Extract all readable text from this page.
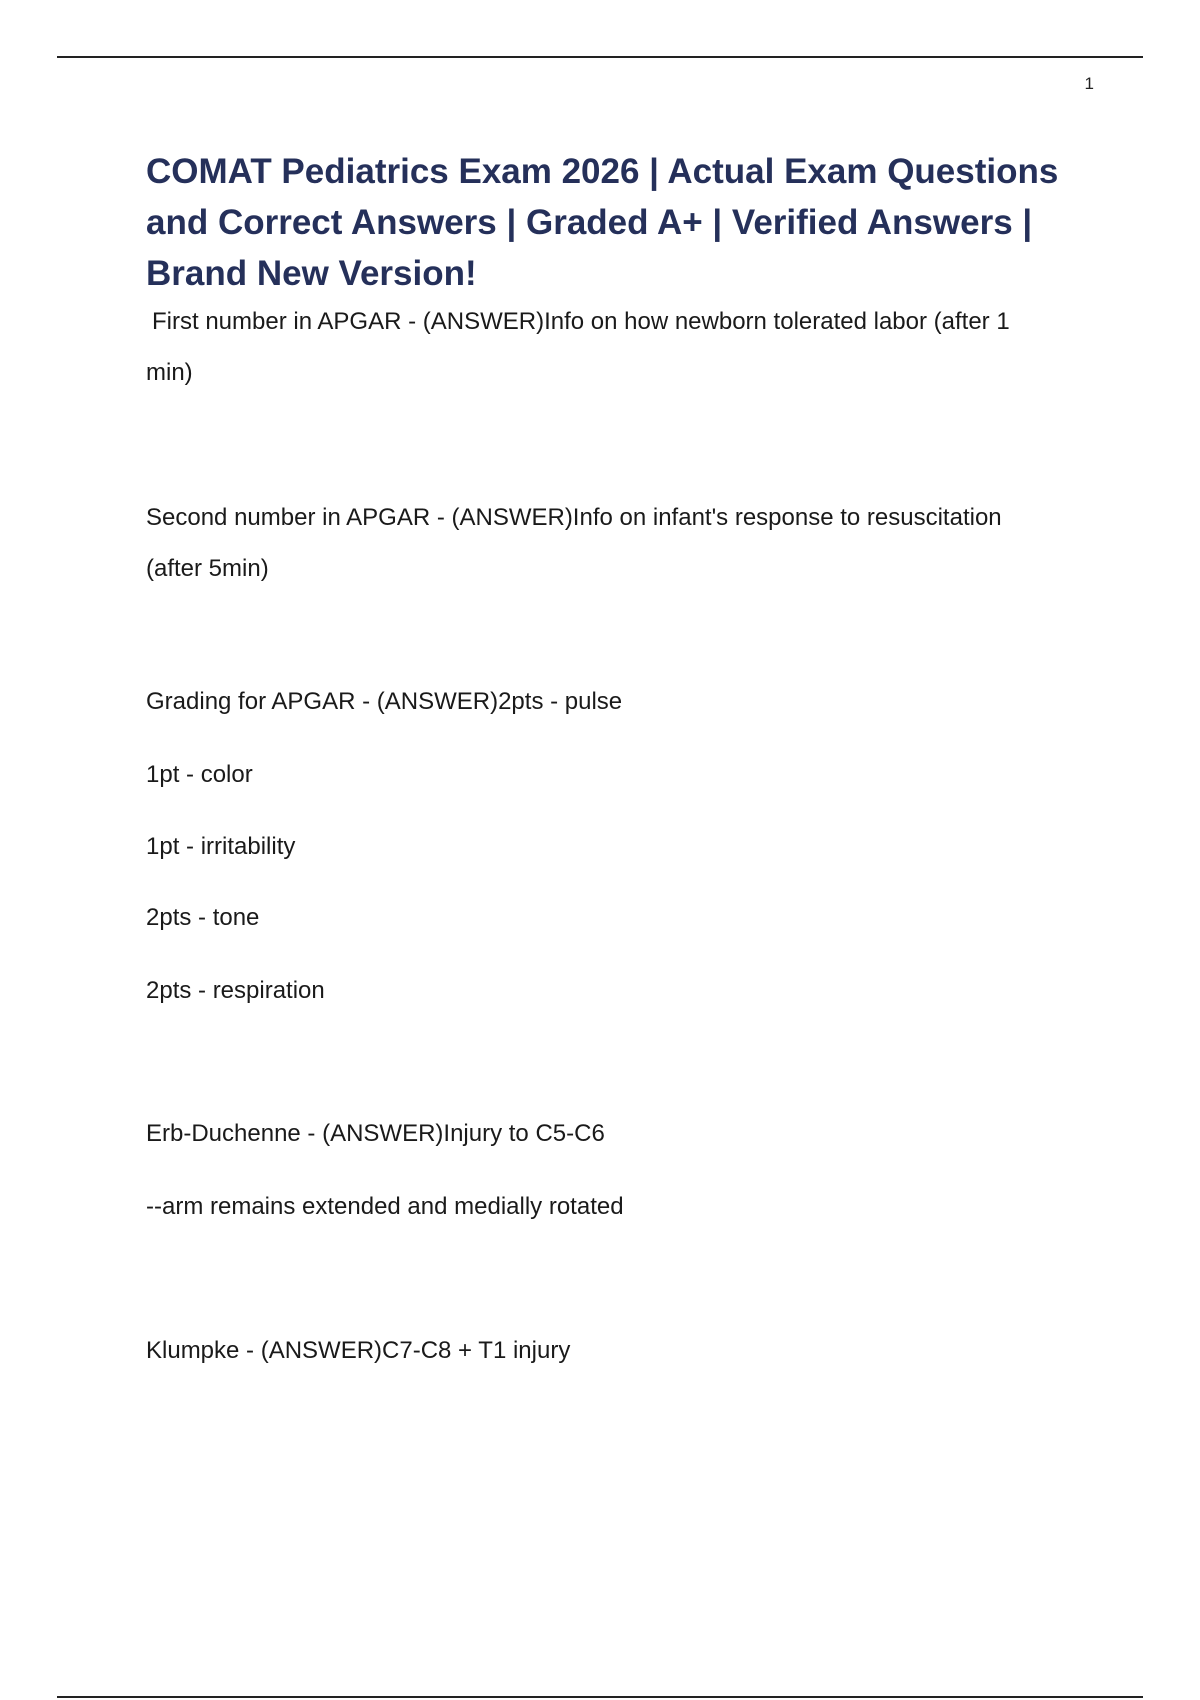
1
COMAT Pediatrics Exam 2026 | Actual Exam Questions and Correct Answers | Graded A+ | Verified Answers | Brand New Version!
First number in APGAR - (ANSWER)Info on how newborn tolerated labor (after 1
min)
Second number in APGAR - (ANSWER)Info on infant's response to resuscitation
(after 5min)
Grading for APGAR - (ANSWER)2pts - pulse
1pt - color
1pt - irritability
2pts - tone
2pts - respiration
Erb-Duchenne - (ANSWER)Injury to C5-C6
--arm remains extended and medially rotated
Klumpke - (ANSWER)C7-C8 + T1 injury
